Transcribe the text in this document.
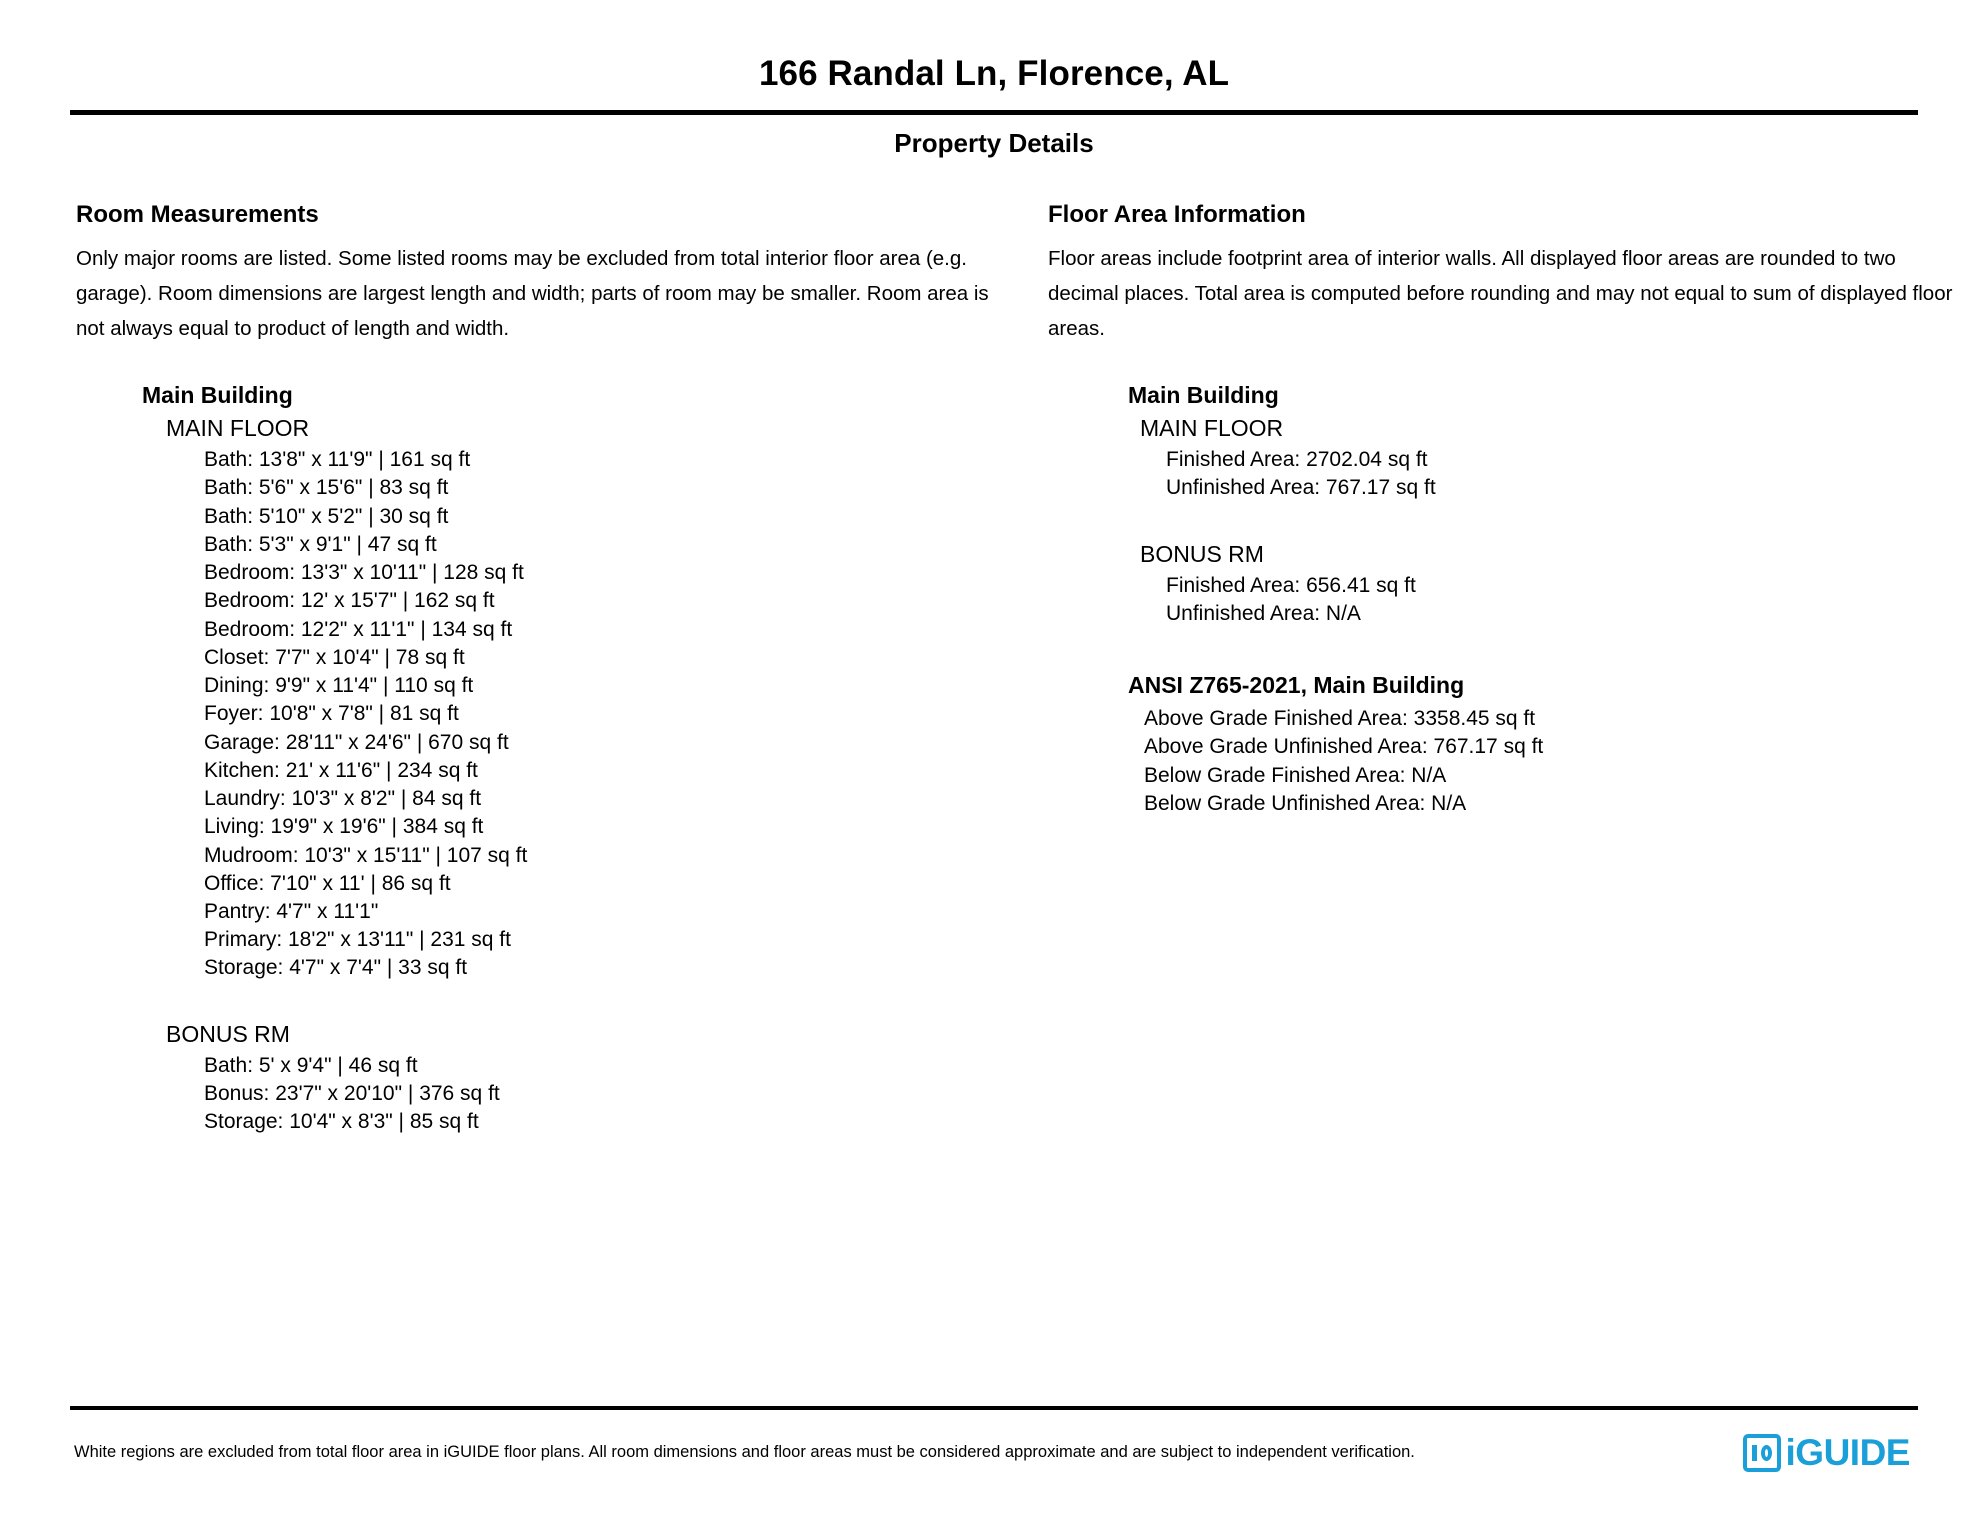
166 Randal Ln, Florence, AL
Property Details
Room Measurements

Only major rooms are listed. Some listed rooms may be excluded from total interior floor area (e.g. garage). Room dimensions are largest length and width; parts of room may be smaller. Room area is not always equal to product of length and width.

Main Building
MAIN FLOOR
Bath: 13'8" x 11'9" | 161 sq ft
Bath: 5'6" x 15'6" | 83 sq ft
Bath: 5'10" x 5'2" | 30 sq ft
Bath: 5'3" x 9'1" | 47 sq ft
Bedroom: 13'3" x 10'11" | 128 sq ft
Bedroom: 12' x 15'7" | 162 sq ft
Bedroom: 12'2" x 11'1" | 134 sq ft
Closet: 7'7" x 10'4" | 78 sq ft
Dining: 9'9" x 11'4" | 110 sq ft
Foyer: 10'8" x 7'8" | 81 sq ft
Garage: 28'11" x 24'6" | 670 sq ft
Kitchen: 21' x 11'6" | 234 sq ft
Laundry: 10'3" x 8'2" | 84 sq ft
Living: 19'9" x 19'6" | 384 sq ft
Mudroom: 10'3" x 15'11" | 107 sq ft
Office: 7'10" x 11' | 86 sq ft
Pantry: 4'7" x 11'1"
Primary: 18'2" x 13'11" | 231 sq ft
Storage: 4'7" x 7'4" | 33 sq ft
BONUS RM
Bath: 5' x 9'4" | 46 sq ft
Bonus: 23'7" x 20'10" | 376 sq ft
Storage: 10'4" x 8'3" | 85 sq ft
Floor Area Information

Floor areas include footprint area of interior walls. All displayed floor areas are rounded to two decimal places. Total area is computed before rounding and may not equal to sum of displayed floor areas.

Main Building
MAIN FLOOR
Finished Area: 2702.04 sq ft
Unfinished Area: 767.17 sq ft
BONUS RM
Finished Area: 656.41 sq ft
Unfinished Area: N/A
ANSI Z765-2021, Main Building
Above Grade Finished Area: 3358.45 sq ft
Above Grade Unfinished Area: 767.17 sq ft
Below Grade Finished Area: N/A
Below Grade Unfinished Area: N/A
White regions are excluded from total floor area in iGUIDE floor plans. All room dimensions and floor areas must be considered approximate and are subject to independent verification.	iGUIDE
